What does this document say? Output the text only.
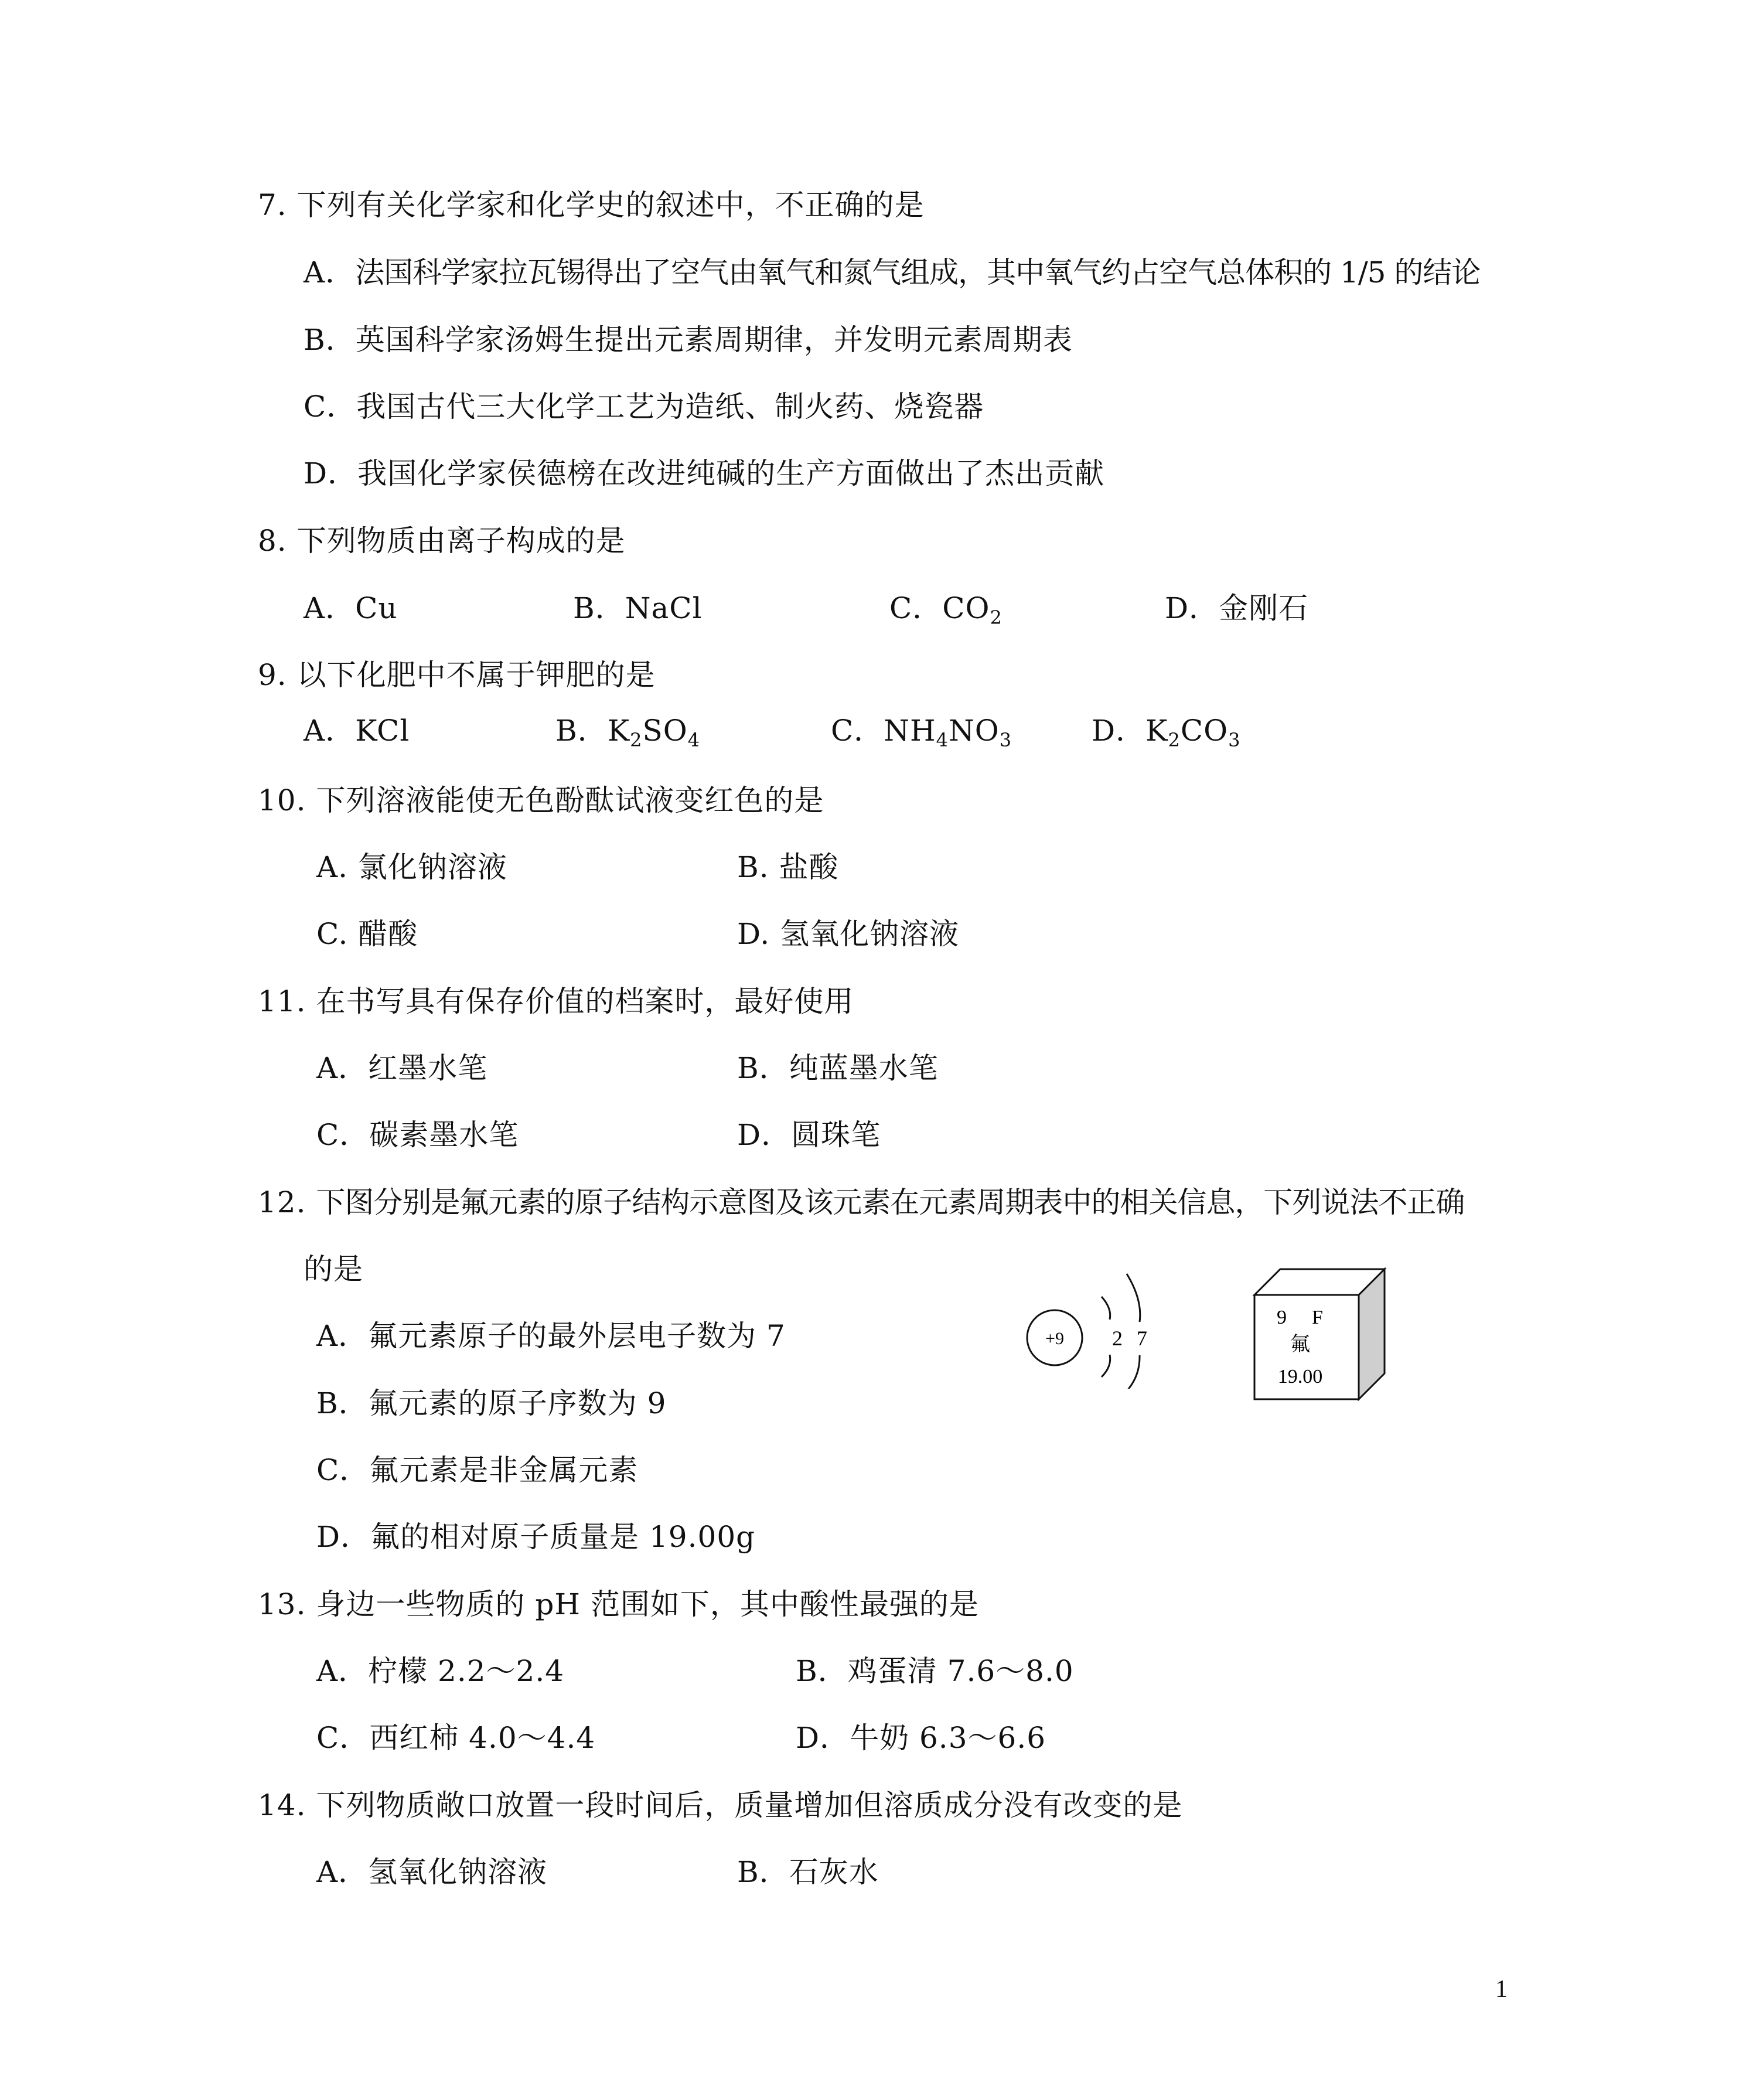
7. 下列有关化学家和化学史的叙述中，不正确的是
A．法国科学家拉瓦锡得出了空气由氧气和氮气组成，其中氧气约占空气总体积的 1/5 的结论
B．英国科学家汤姆生提出元素周期律，并发明元素周期表
C．我国古代三大化学工艺为造纸、制火药、烧瓷器
D．我国化学家侯德榜在改进纯碱的生产方面做出了杰出贡献
8. 下列物质由离子构成的是
A．Cu	B．NaCl	C．$CO_2$	D．金刚石
9. 以下化肥中不属于钾肥的是
A．KCl	B．$K_2SO_4$	C．$NH_4NO_3$	D．$K_2CO_3$
10. 下列溶液能使无色酚酞试液变红色的是
A. 氯化钠溶液	B. 盐酸
C. 醋酸	D. 氢氧化钠溶液
11. 在书写具有保存价值的档案时，最好使用
A．红墨水笔	B．纯蓝墨水笔
C．碳素墨水笔	D．圆珠笔
12. 下图分别是氟元素的原子结构示意图及该元素在元素周期表中的相关信息，下列说法不正确
的是
A．氟元素原子的最外层电子数为 7
B．氟元素的原子序数为 9
C．氟元素是非金属元素
D．氟的相对原子质量是 19.00g
+9 2 7
9 F
氟
19.00
13. 身边一些物质的 pH 范围如下，其中酸性最强的是
A．柠檬 2.2～2.4	B．鸡蛋清 7.6～8.0
C．西红柿 4.0～4.4	D．牛奶 6.3～6.6
14. 下列物质敞口放置一段时间后，质量增加但溶质成分没有改变的是
A．氢氧化钠溶液	B．石灰水
1
